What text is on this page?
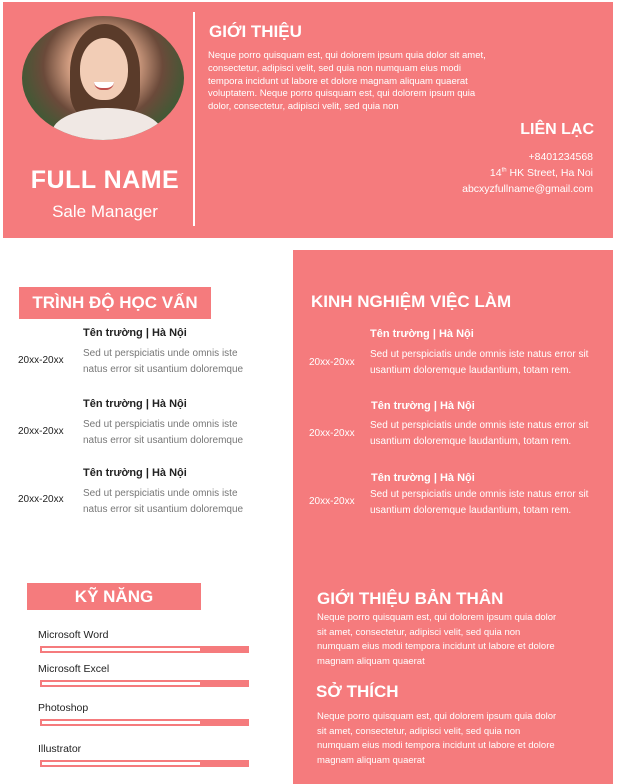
FULL NAME
Sale Manager
GIỚI THIỆU
Neque porro quisquam est, qui dolorem ipsum quia dolor sit amet, consectetur, adipisci velit, sed quia non numquam eius modi tempora incidunt ut labore et dolore magnam aliquam quaerat voluptatem. Neque porro quisquam est, qui dolorem ipsum quia dolor, consectetur, adipisci velit, sed quia non
LIÊN LẠC
+8401234568
14th HK Street, Ha Noi
abcxyzfullname@gmail.com
TRÌNH ĐỘ HỌC VẤN
Tên trường | Hà Nội
20xx-20xx
Sed ut perspiciatis unde omnis iste natus error sit usantium doloremque
Tên trường | Hà Nội
20xx-20xx
Sed ut perspiciatis unde omnis iste natus error sit usantium doloremque
Tên trường | Hà Nội
20xx-20xx
Sed ut perspiciatis unde omnis iste natus error sit usantium doloremque
KINH NGHIỆM VIỆC LÀM
Tên trường | Hà Nội
20xx-20xx
Sed ut perspiciatis unde omnis iste natus error sit usantium doloremque laudantium, totam rem.
Tên trường | Hà Nội
20xx-20xx
Sed ut perspiciatis unde omnis iste natus error sit usantium doloremque laudantium, totam rem.
Tên trường | Hà Nội
20xx-20xx
Sed ut perspiciatis unde omnis iste natus error sit usantium doloremque laudantium, totam rem.
KỸ NĂNG
Microsoft Word
Microsoft Excel
Photoshop
Illustrator
GIỚI THIỆU BẢN THÂN
Neque porro quisquam est, qui dolorem ipsum quia dolor sit amet, consectetur, adipisci velit, sed quia non numquam eius modi tempora incidunt ut labore et dolore magnam aliquam quaerat
SỞ THÍCH
Neque porro quisquam est, qui dolorem ipsum quia dolor sit amet, consectetur, adipisci velit, sed quia non numquam eius modi tempora incidunt ut labore et dolore magnam aliquam quaerat
